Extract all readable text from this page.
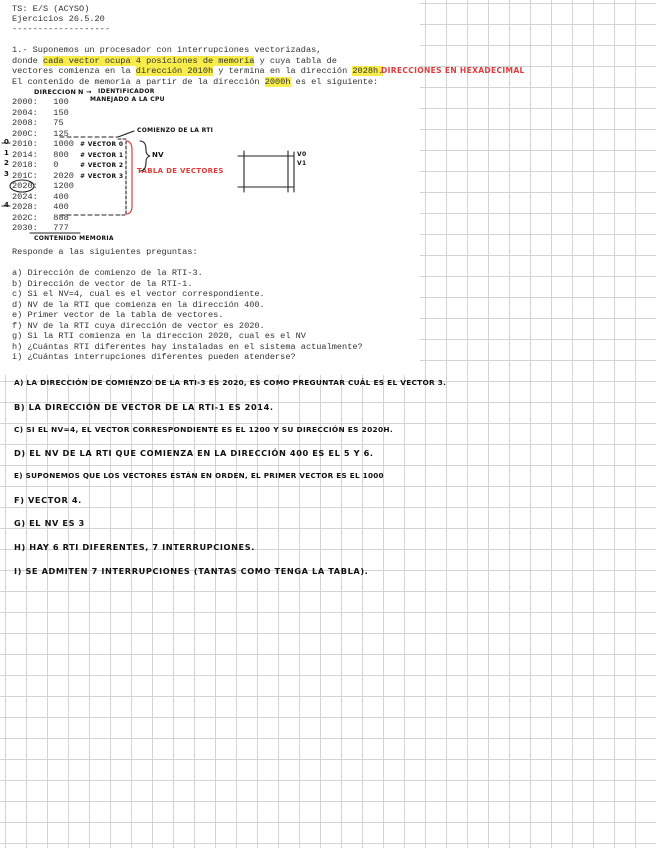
TS: E/S (ACYSO)
Ejercicios 26.5.20
-------------------
1.- Suponemos un procesador con interrupciones vectorizadas,
donde cada vector ocupa 4 posiciones de memoria y cuya tabla de
vectores comienza en la dirección 2010h y termina en la dirección 2028h.
DIRECCIONES EN HEXADECIMAL
El contenido de memoria a partir de la dirección 2000h es el siguiente:
DIRECCION N → IDENTIFICADOR
MANEJADO A LA CPU
2000: 100
2004: 150
2008: 75
200C: 125
2010: 1000
2014: 800
2018: 0
201C: 2020
2020: 1200
2024: 400
2028: 400
202C: 888
2030: 777
0
1
2
3
4
# VECTOR 0
# VECTOR 1
# VECTOR 2
# VECTOR 3
COMIENZO DE LA RTI
NV
TABLA DE VECTORES
CONTENIDO MEMORIA
V0
V1
Responde a las siguientes preguntas:
a) Dirección de comienzo de la RTI-3.
b) Dirección de vector de la RTI-1.
c) Si el NV=4, cual es el vector correspondiente.
d) NV de la RTI que comienza en la dirección 400.
e) Primer vector de la tabla de vectores.
f) NV de la RTI cuya dirección de vector es 2020.
g) Si la RTI comienza en la direccion 2020, cual es el NV
h) ¿Cuántas RTI diferentes hay instaladas en el sistema actualmente?
i) ¿Cuántas interrupciones diferentes pueden atenderse?
A) LA DIRECCIÓN DE COMIENZO DE LA RTI-3 ES 2020, ES COMO PREGUNTAR CUÁL ES EL VECTOR 3.
B) LA DIRECCIÓN DE VECTOR DE LA RTI-1 ES 2014.
C) SI EL NV=4, EL VECTOR CORRESPONDIENTE ES EL 1200 Y SU DIRECCIÓN ES 2020H.
D) EL NV DE LA RTI QUE COMIENZA EN LA DIRECCIÓN 400 ES EL 5 Y 6.
E) SUPONEMOS QUE LOS VECTORES ESTÁN EN ORDEN, EL PRIMER VECTOR ES EL 1000
F) VECTOR 4.
G) EL NV ES 3
H) HAY 6 RTI DIFERENTES, 7 INTERRUPCIONES.
I) SE ADMITEN 7 INTERRUPCIONES (TANTAS COMO TENGA LA TABLA).
